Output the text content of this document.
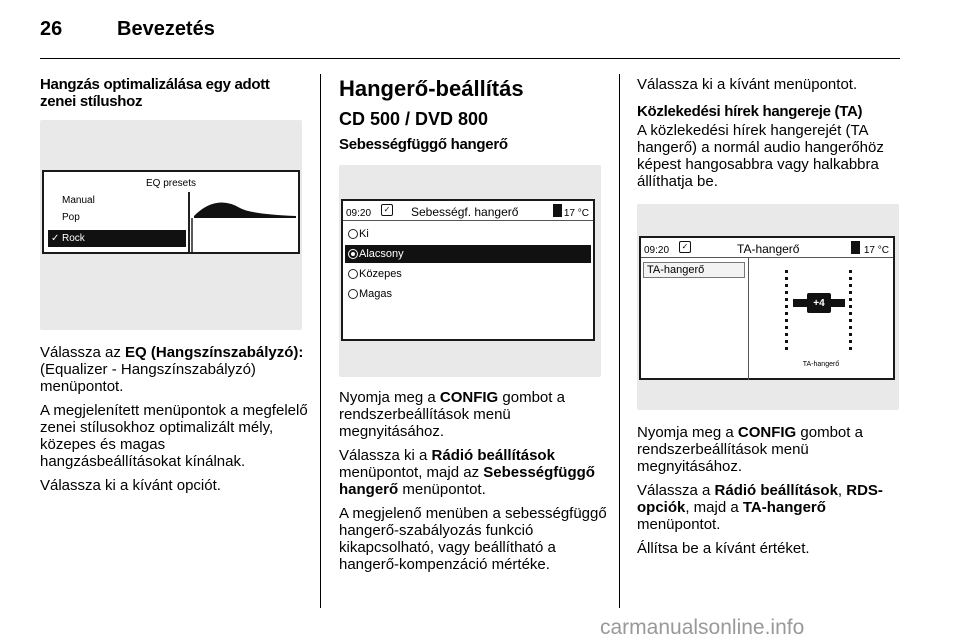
26	Bevezetés
Hangzás optimalizálása egy adott zenei stílushoz
EQ presets
Manual
Pop
✓ Rock

Válassza az EQ (Hangszínszabályzó): (Equalizer - Hangszínszabályzó) menüpontot.

A megjelenített menüpontok a megfelelő zenei stílusokhoz optimalizált mély, közepes és magas hangzásbeállításokat kínálnak.

Válassza ki a kívánt opciót.

Hangerő-beállítás
CD 500 / DVD 800
Sebességfüggő hangerő
09:20	✓ Sebességf. hangerő	17 °C
Ki
Alacsony
Közepes
Magas

Nyomja meg a CONFIG gombot a rendszerbeállítások menü megnyitásához.

Válassza ki a Rádió beállítások menüpontot, majd az Sebességfüggő hangerő menüpontot.

A megjelenő menüben a sebességfüggő hangerő-szabályozás funkció kikapcsolható, vagy beállítható a hangerő-kompenzáció mértéke.

Válassza ki a kívánt menüpontot.

Közlekedési hírek hangereje (TA)

A közlekedési hírek hangerejét (TA hangerő) a normál audio hangerőhöz képest hangosabbra vagy halkabbra állíthatja be.

09:20	✓	TA-hangerő	17 °C
TA-hangerő
+4
TA-hangerő

Nyomja meg a CONFIG gombot a rendszerbeállítások menü megnyitásához.

Válassza a Rádió beállítások, RDS-opciók, majd a TA-hangerő menüpontot.

Állítsa be a kívánt értéket.

carmanualsonline.info
